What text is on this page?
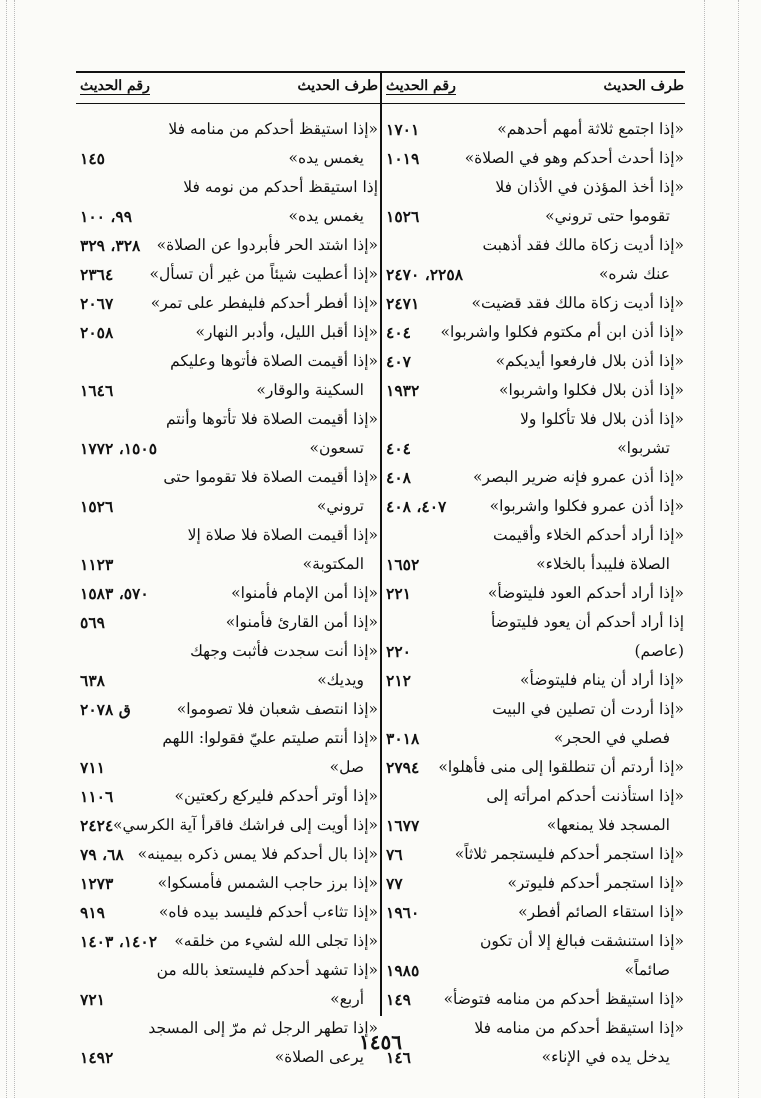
طرف الحديث
رقم الحديث
«إذا اجتمع ثلاثة أمهم أحدهم»
١٧٠١
«إذا أحدث أحدكم وهو في الصلاة»
١٠١٩
«إذا أخذ المؤذن في الأذان فلا
تقوموا حتى تروني»
١٥٢٦
«إذا أديت زكاة مالك فقد أذهبت
عنك شره»
٢٢٥٨، ٢٤٧٠
«إذا أديت زكاة مالك فقد قضيت»
٢٤٧١
«إذا أذن ابن أم مكتوم فكلوا واشربوا»
٤٠٤
«إذا أذن بلال فارفعوا أيديكم»
٤٠٧
«إذا أذن بلال فكلوا واشربوا»
١٩٣٢
«إذا أذن بلال فلا تأكلوا ولا
تشربوا»
٤٠٤
«إذا أذن عمرو فإنه ضرير البصر»
٤٠٨
«إذا أذن عمرو فكلوا واشربوا»
٤٠٧، ٤٠٨
«إذا أراد أحدكم الخلاء وأقيمت
الصلاة فليبدأ بالخلاء»
١٦٥٢
«إذا أراد أحدكم العود فليتوضأ»
٢٢١
إذا أراد أحدكم أن يعود فليتوضأ
(عاصم)
٢٢٠
«إذا أراد أن ينام فليتوضأ»
٢١٢
«إذا أردت أن تصلين في البيت
فصلي في الحجر»
٣٠١٨
«إذا أردتم أن تنطلقوا إلى منى فأهلوا»
٢٧٩٤
«إذا استأذنت أحدكم امرأته إلى
المسجد فلا يمنعها»
١٦٧٧
«إذا استجمر أحدكم فليستجمر ثلاثاً»
٧٦
«إذا استجمر أحدكم فليوتر»
٧٧
«إذا استقاء الصائم أفطر»
١٩٦٠
«إذا استنشقت فبالغ إلا أن تكون
صائماً»
١٩٨٥
«إذا استيقظ أحدكم من منامه فتوضأ»
١٤٩
«إذا استيقظ أحدكم من منامه فلا
يدخل يده في الإناء»
١٤٦
طرف الحديث
رقم الحديث
«إذا استيقظ أحدكم من منامه فلا
يغمس يده»
١٤٥
إذا استيقظ أحدكم من نومه فلا
يغمس يده»
٩٩، ١٠٠
«إذا اشتد الحر فأبردوا عن الصلاة»
٣٢٨، ٣٢٩
«إذا أعطيت شيئاً من غير أن تسأل»
٢٣٦٤
«إذا أفطر أحدكم فليفطر على تمر»
٢٠٦٧
«إذا أقبل الليل، وأدبر النهار»
٢٠٥٨
«إذا أقيمت الصلاة فأتوها وعليكم
السكينة والوقار»
١٦٤٦
«إذا أقيمت الصلاة فلا تأتوها وأنتم
تسعون»
١٥٠٥، ١٧٧٢
«إذا أقيمت الصلاة فلا تقوموا حتى
تروني»
١٥٢٦
«إذا أقيمت الصلاة فلا صلاة إلا
المكتوبة»
١١٢٣
«إذا أمن الإمام فأمنوا»
٥٧٠، ١٥٨٣
«إذا أمن القارئ فأمنوا»
٥٦٩
«إذا أنت سجدت فأثبت وجهك
ويديك»
٦٣٨
«إذا انتصف شعبان فلا تصوموا»
ق ٢٠٧٨
«إذا أنتم صليتم عليّ فقولوا: اللهم
صل»
٧١١
«إذا أوتر أحدكم فليركع ركعتين»
١١٠٦
«إذا أويت إلى فراشك فاقرأ آية الكرسي»
٢٤٢٤
«إذا بال أحدكم فلا يمس ذكره بيمينه»
٦٨، ٧٩
«إذا برز حاجب الشمس فأمسكوا»
١٢٧٣
«إذا تثاءب أحدكم فليسد بيده فاه»
٩١٩
«إذا تجلى الله لشيء من خلقه»
١٤٠٢، ١٤٠٣
«إذا تشهد أحدكم فليستعذ بالله من
أربع»
٧٢١
«إذا تطهر الرجل ثم مرّ إلى المسجد
يرعى الصلاة»
١٤٩٢
١٤٥٦
